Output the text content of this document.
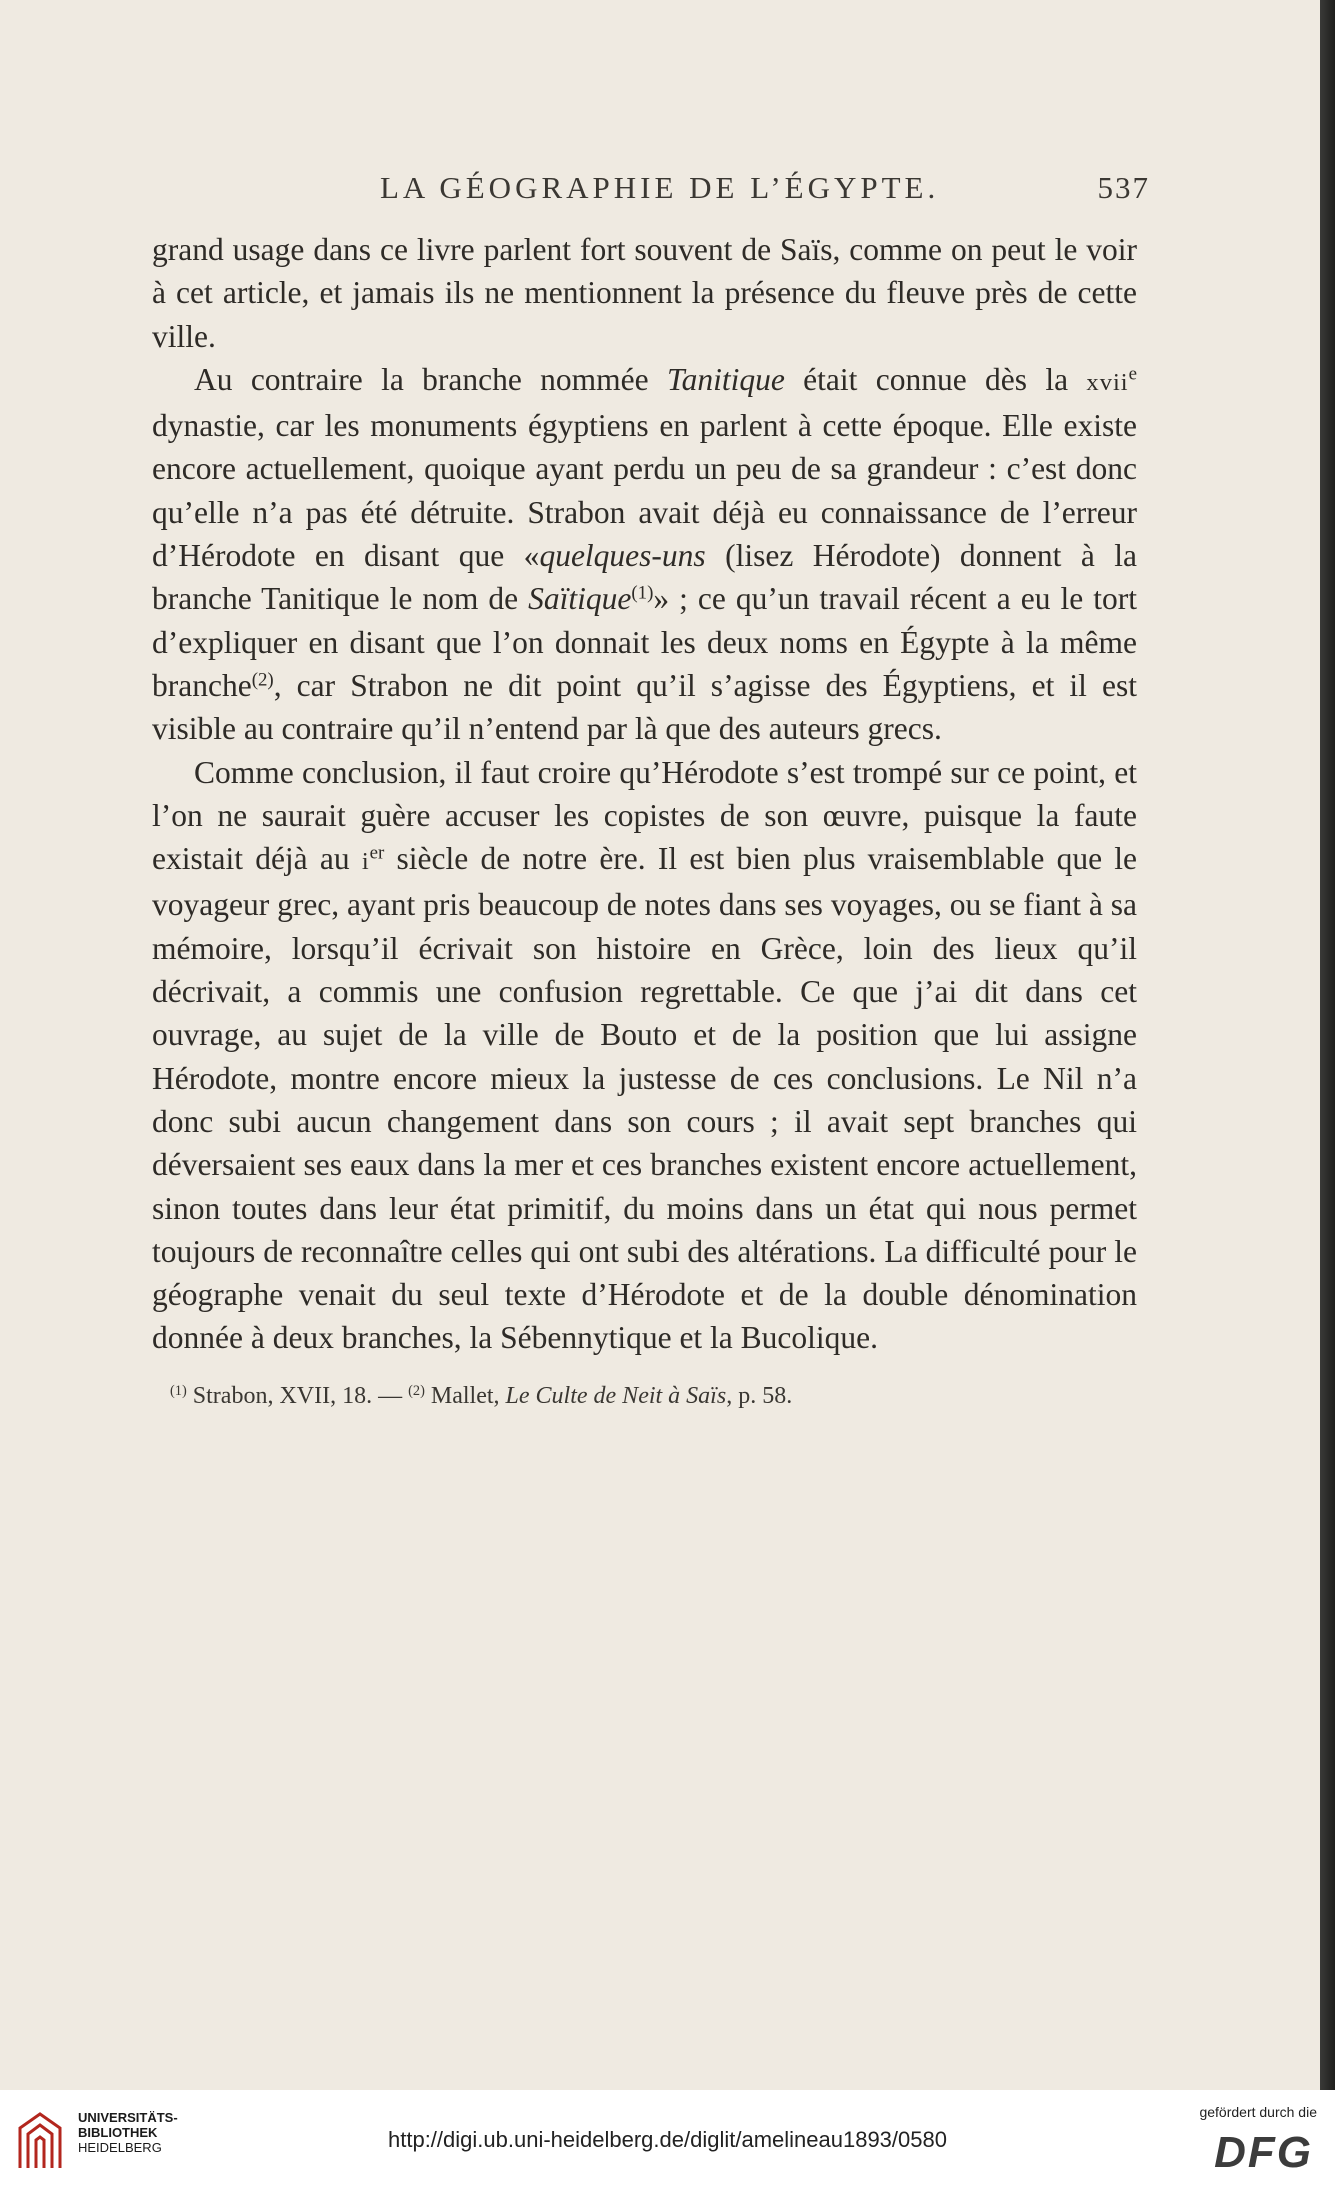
LA GÉOGRAPHIE DE L’ÉGYPTE.	537

grand usage dans ce livre parlent fort souvent de Saïs, comme on peut le voir à cet article, et jamais ils ne mentionnent la présence du fleuve près de cette ville.

Au contraire la branche nommée Tanitique était connue dès la xvii$^e$ dynastie, car les monuments égyptiens en parlent à cette époque. Elle existe encore actuellement, quoique ayant perdu un peu de sa grandeur : c’est donc qu’elle n’a pas été détruite. Strabon avait déjà eu connaissance de l’erreur d’Hérodote en disant que «quelques-uns (lisez Hérodote) donnent à la branche Tanitique le nom de Saïtique$^{(1)}$» ; ce qu’un travail récent a eu le tort d’expliquer en disant que l’on donnait les deux noms en Égypte à la même branche$^{(2)}$, car Strabon ne dit point qu’il s’agisse des Égyptiens, et il est visible au contraire qu’il n’entend par là que des auteurs grecs.

Comme conclusion, il faut croire qu’Hérodote s’est trompé sur ce point, et l’on ne saurait guère accuser les copistes de son œuvre, puisque la faute existait déjà au $i^{er}$ siècle de notre ère. Il est bien plus vraisemblable que le voyageur grec, ayant pris beaucoup de notes dans ses voyages, ou se fiant à sa mémoire, lorsqu’il écrivait son histoire en Grèce, loin des lieux qu’il décrivait, a commis une confusion regrettable. Ce que j’ai dit dans cet ouvrage, au sujet de la ville de Bouto et de la position que lui assigne Hérodote, montre encore mieux la justesse de ces conclusions. Le Nil n’a donc subi aucun changement dans son cours ; il avait sept branches qui déversaient ses eaux dans la mer et ces branches existent encore actuellement, sinon toutes dans leur état primitif, du moins dans un état qui nous permet toujours de reconnaître celles qui ont subi des altérations. La difficulté pour le géographe venait du seul texte d’Hérodote et de la double dénomination donnée à deux branches, la Sébennytique et la Bucolique.

$^{(1)}$ Strabon, XVII, 18. — $^{(2)}$ Mallet, Le Culte de Neit à Saïs, p. 58.
UNIVERSITÄTS-
BIBLIOTHEK
HEIDELBERG	http://digi.ub.uni-heidelberg.de/diglit/amelineau1893/0580
gefördert durch die
DFG
